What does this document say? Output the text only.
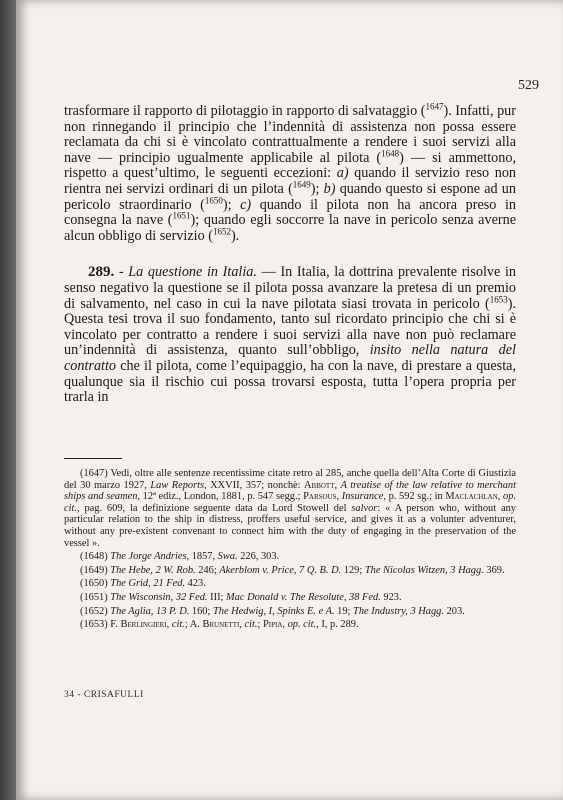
529

trasformare il rapporto di pilotaggio in rapporto di salvataggio ($^{1647}$). Infatti, pur non rinnegando il principio che l’indennità di assistenza non possa essere reclamata da chi si è vincolato contrattualmente a rendere i suoi servizi alla nave — principio ugualmente applicabile al pilota ($^{1648}$) — si ammettono, rispetto a quest’ultimo, le seguenti eccezioni: a) quando il servizio reso non rientra nei servizi ordinari di un pilota ($^{1649}$); b) quando questo si espone ad un pericolo straordinario ($^{1650}$); c) quando il pilota non ha ancora preso in consegna la nave ($^{1651}$); quando egli soccorre la nave in pericolo senza averne alcun obbligo di servizio ($^{1652}$).

289. - La questione in Italia. — In Italia, la dottrina prevalente risolve in senso negativo la questione se il pilota possa avanzare la pretesa di un premio di salvamento, nel caso in cui la nave pilotata siasi trovata in pericolo ($^{1653}$). Questa tesi trova il suo fondamento, tanto sul ricordato principio che chi si è vincolato per contratto a rendere i suoi servizi alla nave non può reclamare un’indennità di assistenza, quanto sull’obbligo, insito nella natura del contratto che il pilota, come l’equipaggio, ha con la nave, di prestare a questa, qualunque sia il rischio cui possa trovarsi esposta, tutta l’opera propria per trarla in

(1647) Vedi, oltre alle sentenze recentissime citate retro al 285, anche quella dell’Alta Corte di Giustizia del 30 marzo 1927, Law Reports, XXVII, 357; nonchè: Abbott, A treatise of the law relative to merchant ships and seamen, 12ª ediz., London, 1881, p. 547 segg.; Parsous, Insurance, p. 592 sg.; in Maclachlan, op. cit., pag. 609, la definizione seguente data da Lord Stowell del salvor: « A person who, without any particular relation to the ship in distress, proffers useful service, and gives it as a volunter adventurer, without any pre-existent convenant to connect him with the duty of engaging in the preservation of the vessel ».

(1648) The Jorge Andries, 1857, Swa. 226, 303.

(1649) The Hebe, 2 W. Rob. 246; Akerblom v. Price, 7 Q. B. D. 129; The Nicolas Witzen, 3 Hagg. 369.

(1650) The Grid, 21 Fed. 423.

(1651) The Wisconsin, 32 Fed. III; Mac Donald v. The Resolute, 38 Fed. 923.

(1652) The Aglia, 13 P. D. 160; The Hedwig, I, Spinks E. e A. 19; The Industry, 3 Hagg. 203.

(1653) F. Berlingieri, cit.; A. Brunetti, cit.; Pipia, op. cit., I, p. 289.

34 - CRISAFULLI
